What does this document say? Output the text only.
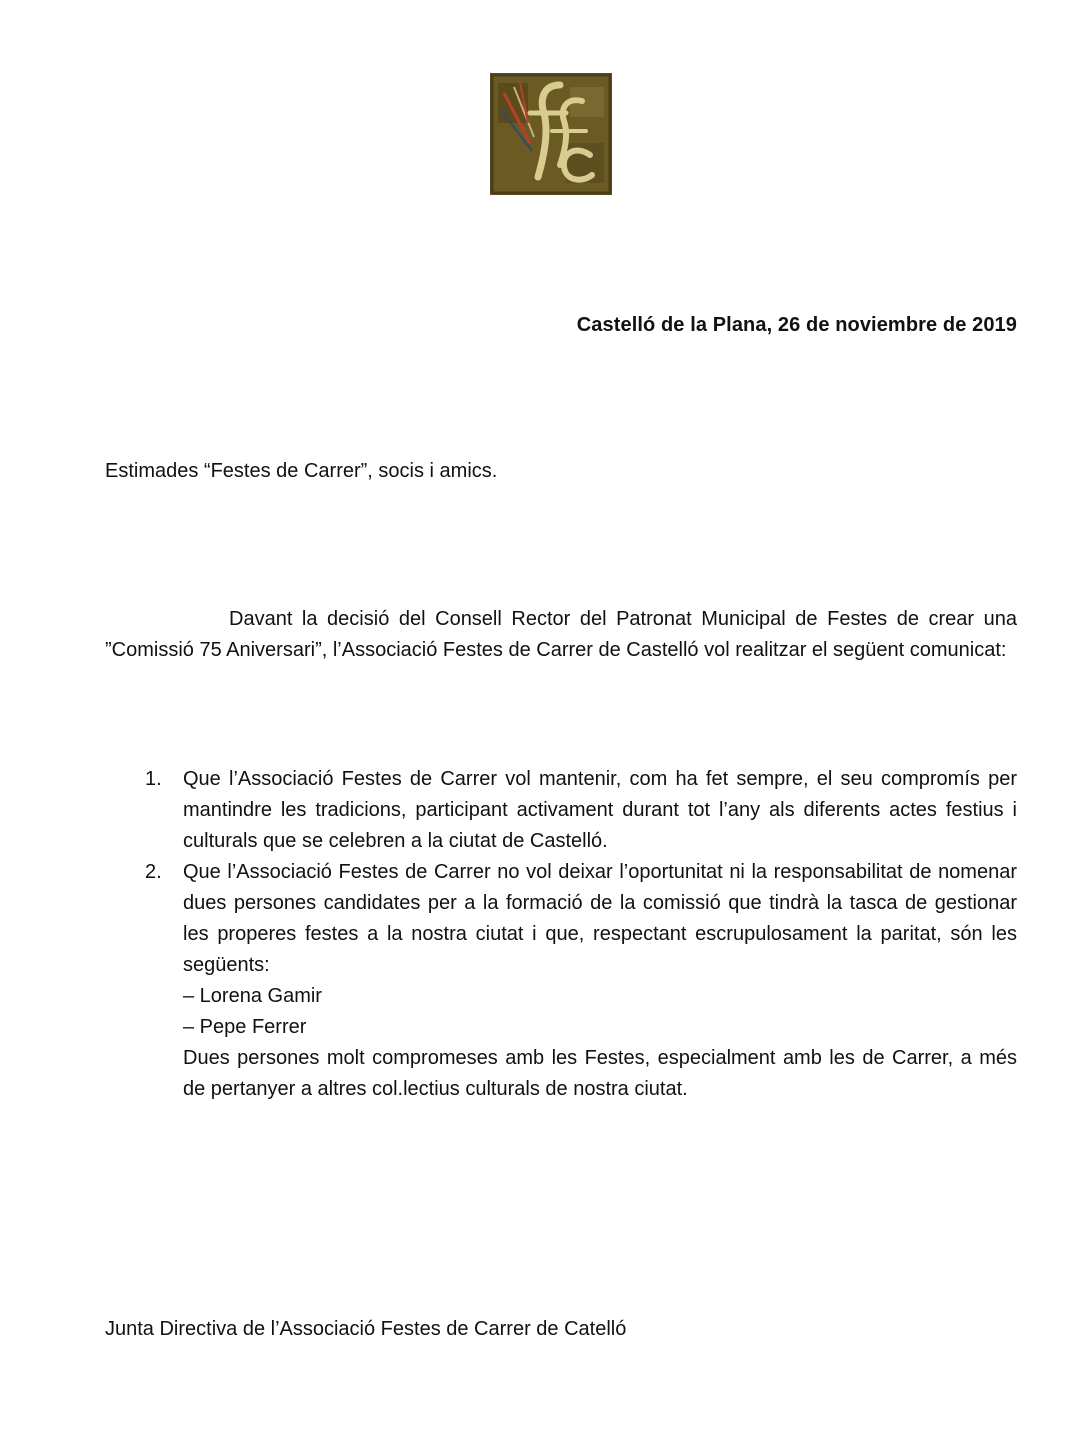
Castelló de la Plana, 26 de noviembre de 2019
Estimades “Festes de Carrer”, socis i amics.

Davant la decisió del Consell Rector del Patronat Municipal de Festes de crear una ”Comissió 75 Aniversari”, l’Associació Festes de Carrer de Castelló vol realitzar el següent comunicat:

1. Que l’Associació Festes de Carrer vol mantenir, com ha fet sempre, el seu compromís per mantindre les tradicions, participant activament durant tot l’any als diferents actes festius i culturals que se celebren a la ciutat de Castelló.
2. Que l’Associació Festes de Carrer no vol deixar l’oportunitat ni la responsabilitat de nomenar dues persones candidates per a la formació de la comissió que tindrà la tasca de gestionar les properes festes a la nostra ciutat i que, respectant escrupulosament la paritat, són les següents:
– Lorena Gamir
– Pepe Ferrer
Dues persones molt compromeses amb les Festes, especialment amb les de Carrer, a més de pertanyer a altres col.lectius culturals de nostra ciutat.
Junta Directiva de l’Associació Festes de Carrer de Catelló
